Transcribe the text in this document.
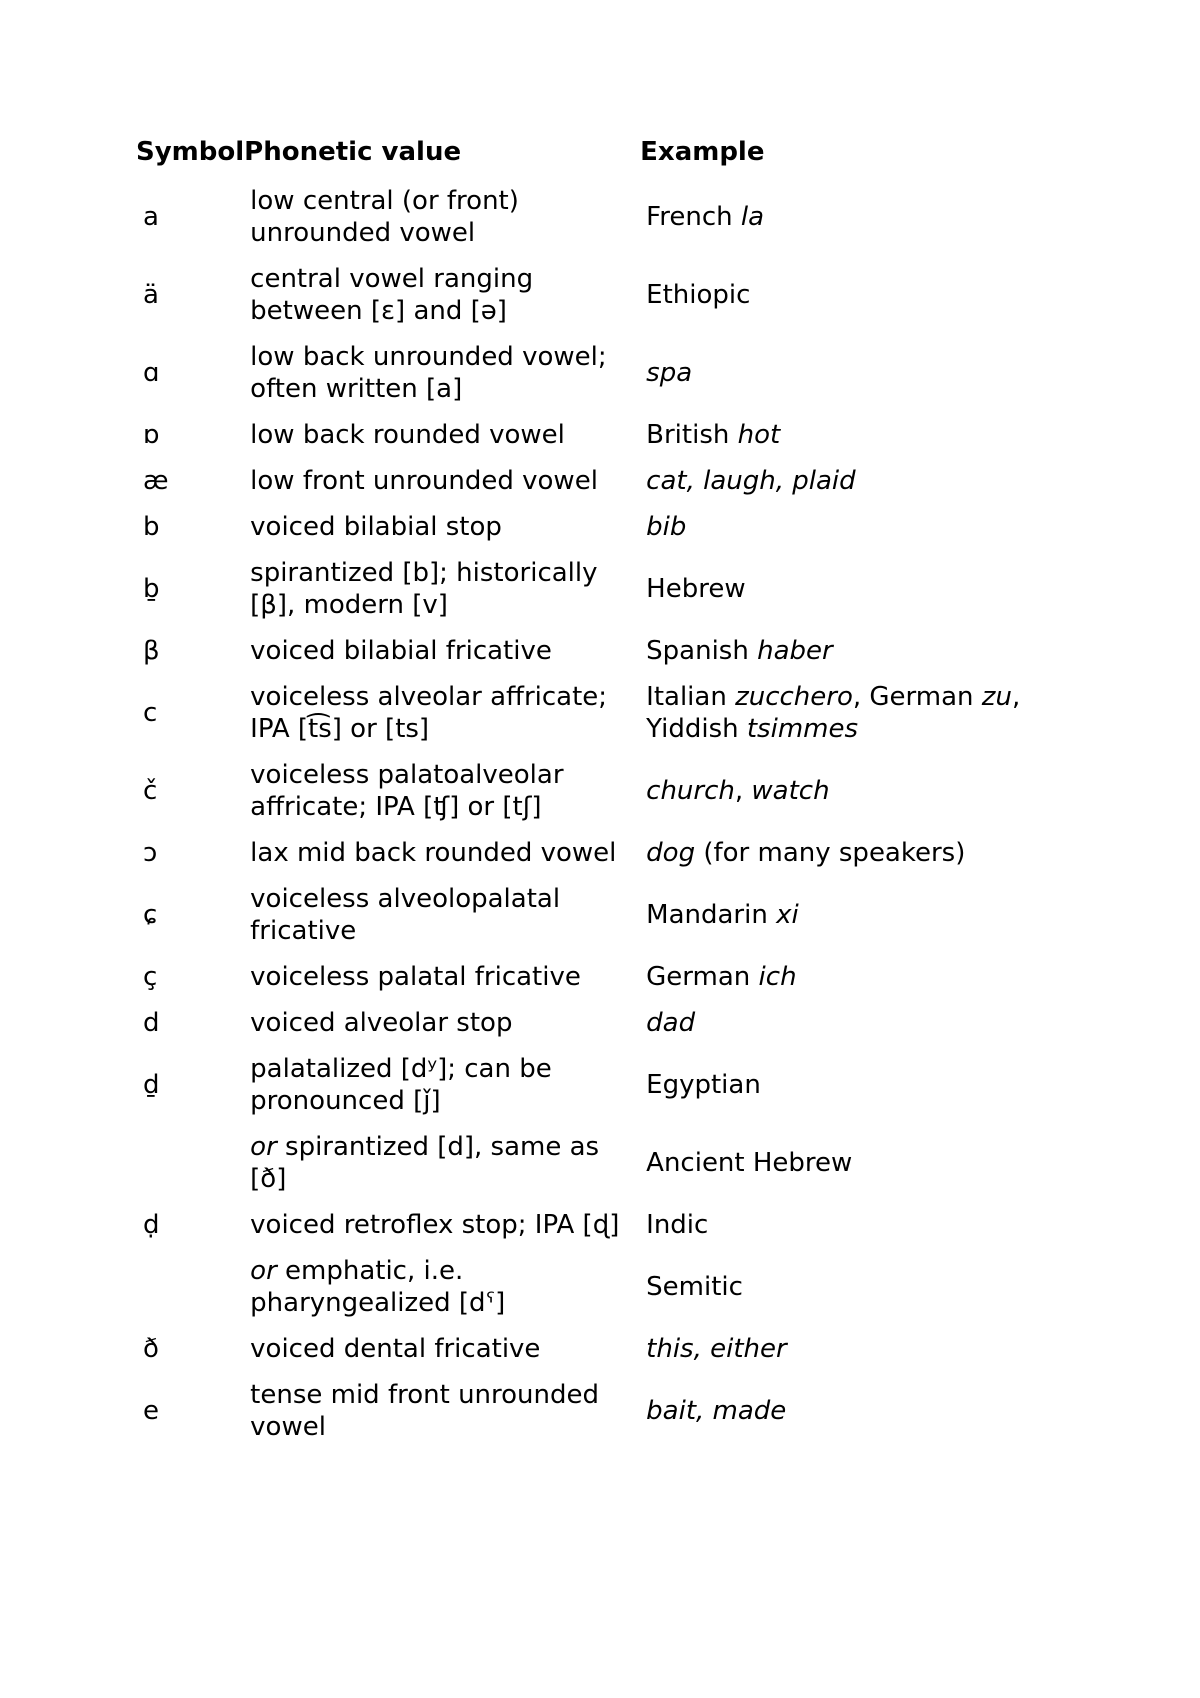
Symbol	Phonetic value	Example
a	low central (or front) unrounded vowel	French la
ä	central vowel ranging between [ɛ] and [ə]	Ethiopic
ɑ	low back unrounded vowel; often written [a]	spa
ɒ	low back rounded vowel	British hot
æ	low front unrounded vowel	cat, laugh, plaid
b	voiced bilabial stop	bib
ḇ	spirantized [b]; historically [β], modern [v]	Hebrew
β	voiced bilabial fricative	Spanish haber
c	voiceless alveolar affricate; IPA [t͡s] or [ts]	Italian zucchero, German zu, Yiddish tsimmes
č	voiceless palatoalveolar affricate; IPA [ʧ] or [tʃ]	church, watch
ɔ	lax mid back rounded vowel	dog (for many speakers)
ɕ	voiceless alveolopalatal fricative	Mandarin xi
ç	voiceless palatal fricative	German ich
d	voiced alveolar stop	dad
ḏ	palatalized [dʸ]; can be pronounced [ǰ]	Egyptian
	or spirantized [d], same as [ð]	Ancient Hebrew
ḍ	voiced retroflex stop; IPA [ɖ]	Indic
	or emphatic, i.e. pharyngealized [dˤ]	Semitic
ð	voiced dental fricative	this, either
e	tense mid front unrounded vowel	bait, made
